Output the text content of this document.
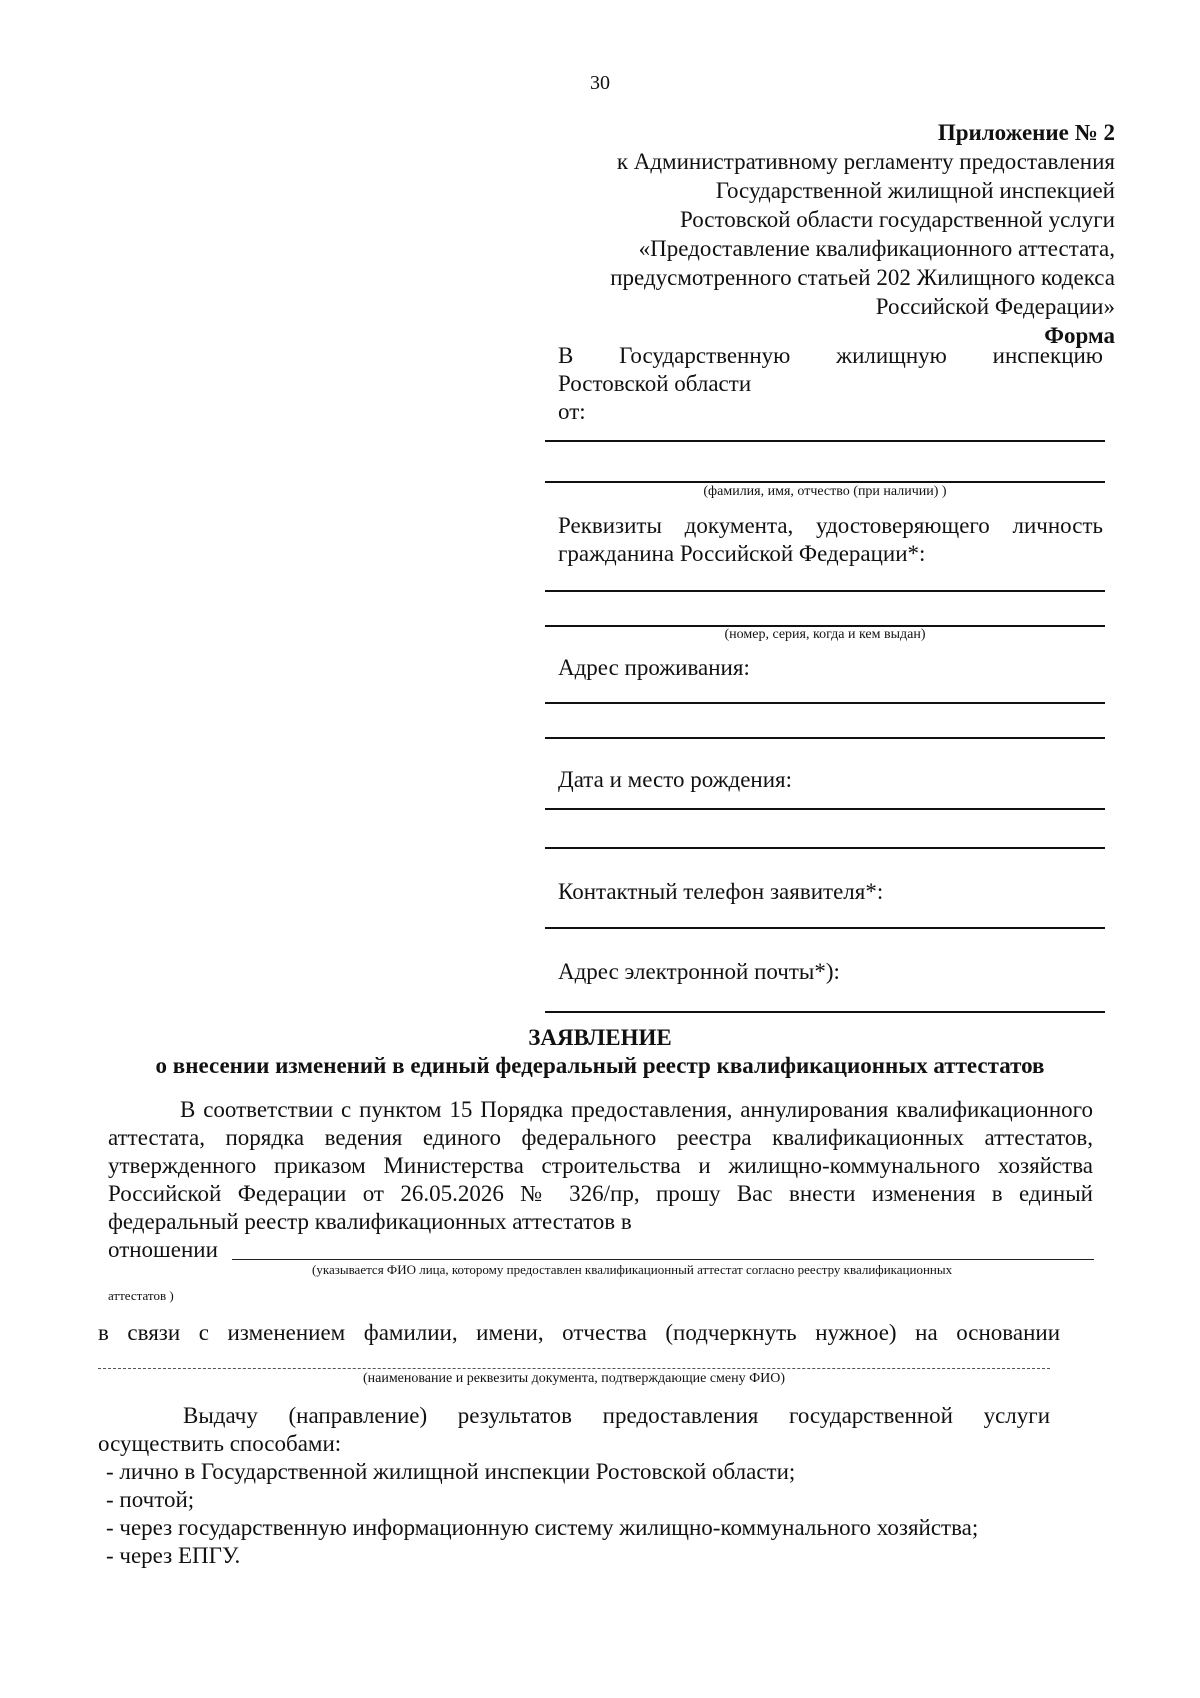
30
Приложение № 2
к Административному регламенту предоставления
Государственной жилищной инспекцией
Ростовской области государственной услуги
«Предоставление квалификационного аттестата,
предусмотренного статьей 202 Жилищного кодекса
Российской Федерации»
Форма
В Государственную жилищную инспекцию
Ростовской области
от:
(фамилия, имя, отчество (при наличии) )
Реквизиты документа, удостоверяющего личность гражданина Российской Федерации*:
(номер, серия, когда и кем выдан)
Адрес проживания:
Дата и место рождения:
Контактный телефон заявителя*:
Адрес электронной почты*):
ЗАЯВЛЕНИЕ
о внесении изменений в единый федеральный реестр квалификационных аттестатов
В соответствии с пунктом 15 Порядка предоставления, аннулирования квалификационного аттестата, порядка ведения единого федерального реестра квалификационных аттестатов, утвержденного приказом Министерства строительства и жилищно-коммунального хозяйства Российской Федерации от 26.05.2026 № 326/пр, прошу Вас внести изменения в единый федеральный реестр квалификационных аттестатов в
отношении
(указывается ФИО лица, которому предоставлен квалификационный аттестат согласно реестру квалификационных
аттестатов )
в связи с изменением фамилии, имени, отчества (подчеркнуть нужное) на основании
(наименование и реквезиты документа, подтверждающие смену ФИО)
Выдачу (направление) результатов предоставления государственной услуги осуществить способами:
- лично в Государственной жилищной инспекции Ростовской области;
- почтой;
- через государственную информационную систему жилищно-коммунального хозяйства;
- через ЕПГУ.
